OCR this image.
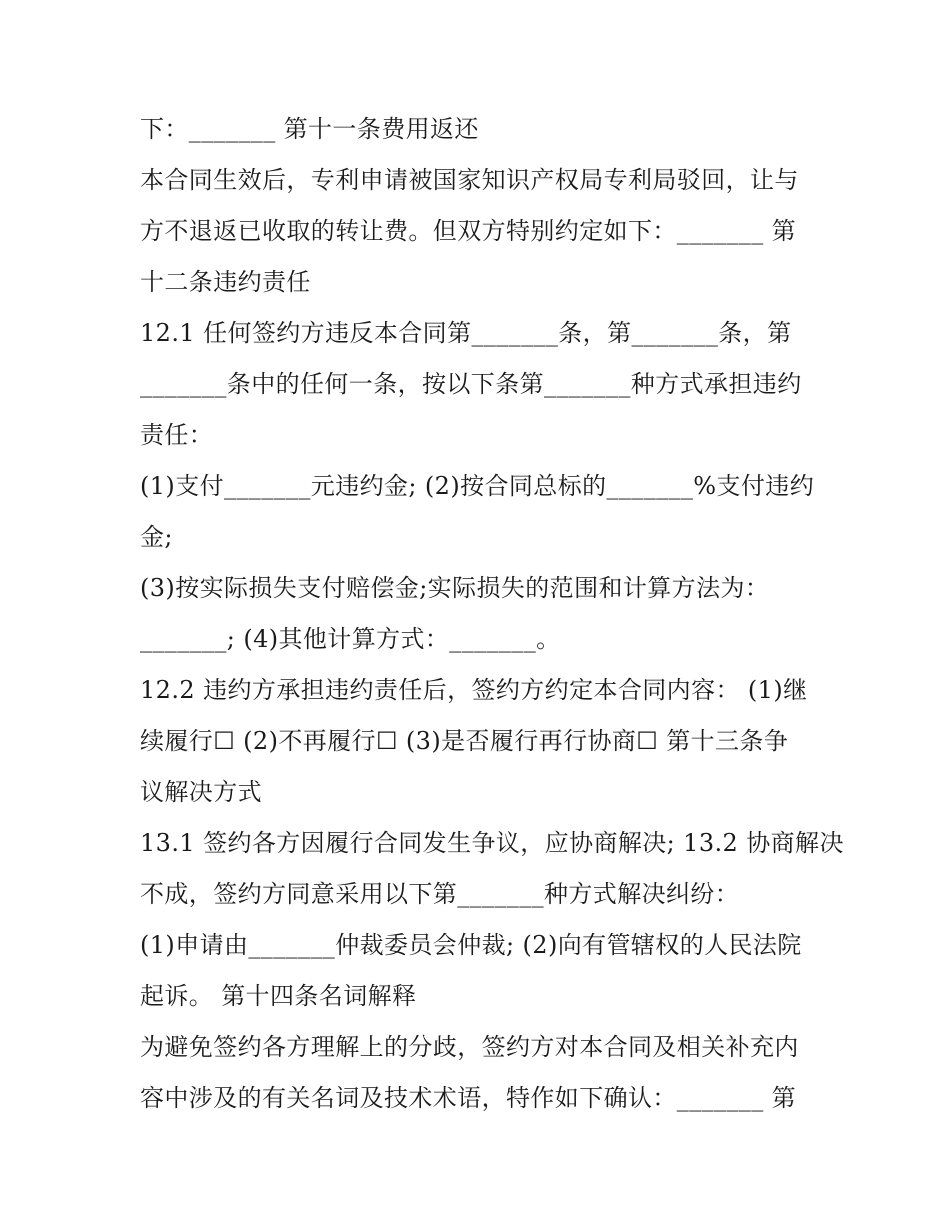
下：_______ 第十一条费用返还
本合同生效后，专利申请被国家知识产权局专利局驳回，让与
方不退返已收取的转让费。但双方特别约定如下：_______ 第
十二条违约责任
12.1 任何签约方违反本合同第_______条，第_______条，第
_______条中的任何一条，按以下条第_______种方式承担违约
责任：
(1)支付_______元违约金; (2)按合同总标的_______%支付违约
金;
(3)按实际损失支付赔偿金;实际损失的范围和计算方法为：
_______; (4)其他计算方式：_______。
12.2 违约方承担违约责任后，签约方约定本合同内容： (1)继
续履行☐ (2)不再履行☐ (3)是否履行再行协商☐ 第十三条争
议解决方式
13.1 签约各方因履行合同发生争议，应协商解决; 13.2 协商解决
不成，签约方同意采用以下第_______种方式解决纠纷：
(1)申请由_______仲裁委员会仲裁; (2)向有管辖权的人民法院
起诉。 第十四条名词解释
为避免签约各方理解上的分歧，签约方对本合同及相关补充内
容中涉及的有关名词及技术术语，特作如下确认：_______ 第
